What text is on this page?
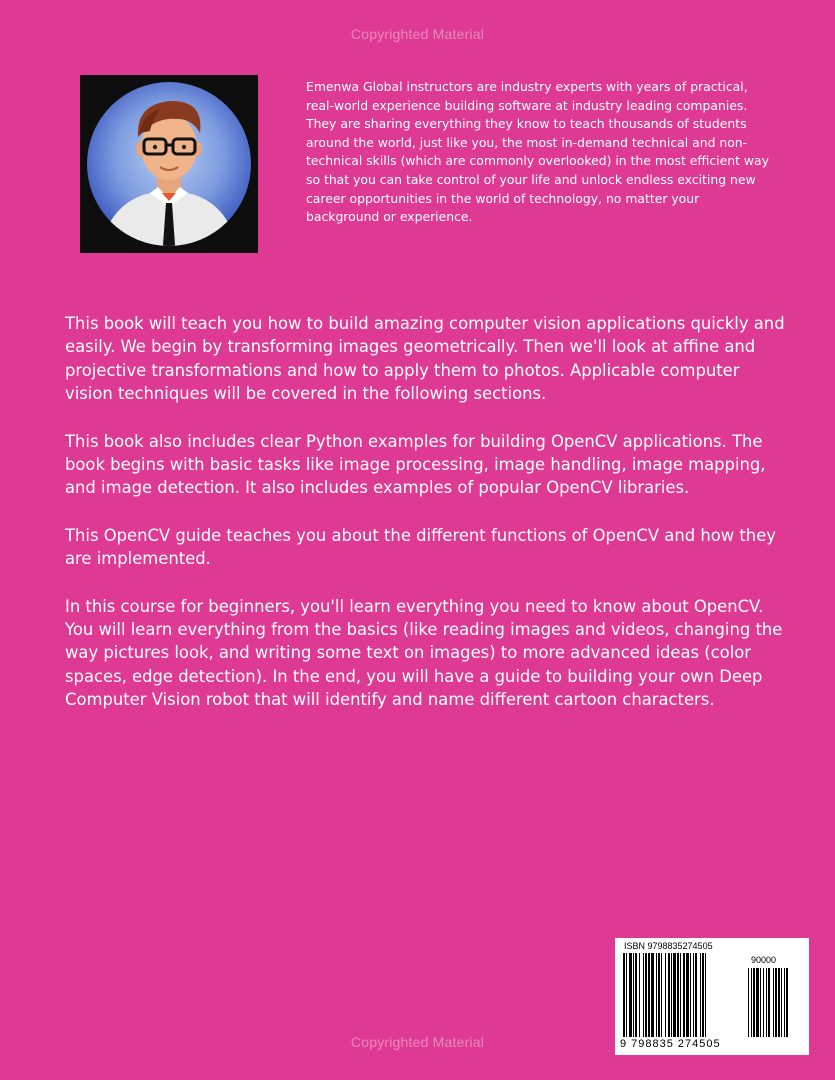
Copyrighted Material

Emenwa Global instructors are industry experts with years of practical, real-world experience building software at industry leading companies. They are sharing everything they know to teach thousands of students around the world, just like you, the most in-demand technical and non-technical skills (which are commonly overlooked) in the most efficient way so that you can take control of your life and unlock endless exciting new career opportunities in the world of technology, no matter your background or experience.

This book will teach you how to build amazing computer vision applications quickly and easily. We begin by transforming images geometrically. Then we'll look at affine and projective transformations and how to apply them to photos. Applicable computer vision techniques will be covered in the following sections.

This book also includes clear Python examples for building OpenCV applications. The book begins with basic tasks like image processing, image handling, image mapping, and image detection. It also includes examples of popular OpenCV libraries.

This OpenCV guide teaches you about the different functions of OpenCV and how they are implemented.

In this course for beginners, you'll learn everything you need to know about OpenCV. You will learn everything from the basics (like reading images and videos, changing the way pictures look, and writing some text on images) to more advanced ideas (color spaces, edge detection). In the end, you will have a guide to building your own Deep Computer Vision robot that will identify and name different cartoon characters.

ISBN 9798835274505
90000
9 798835 274505
Copyrighted Material
